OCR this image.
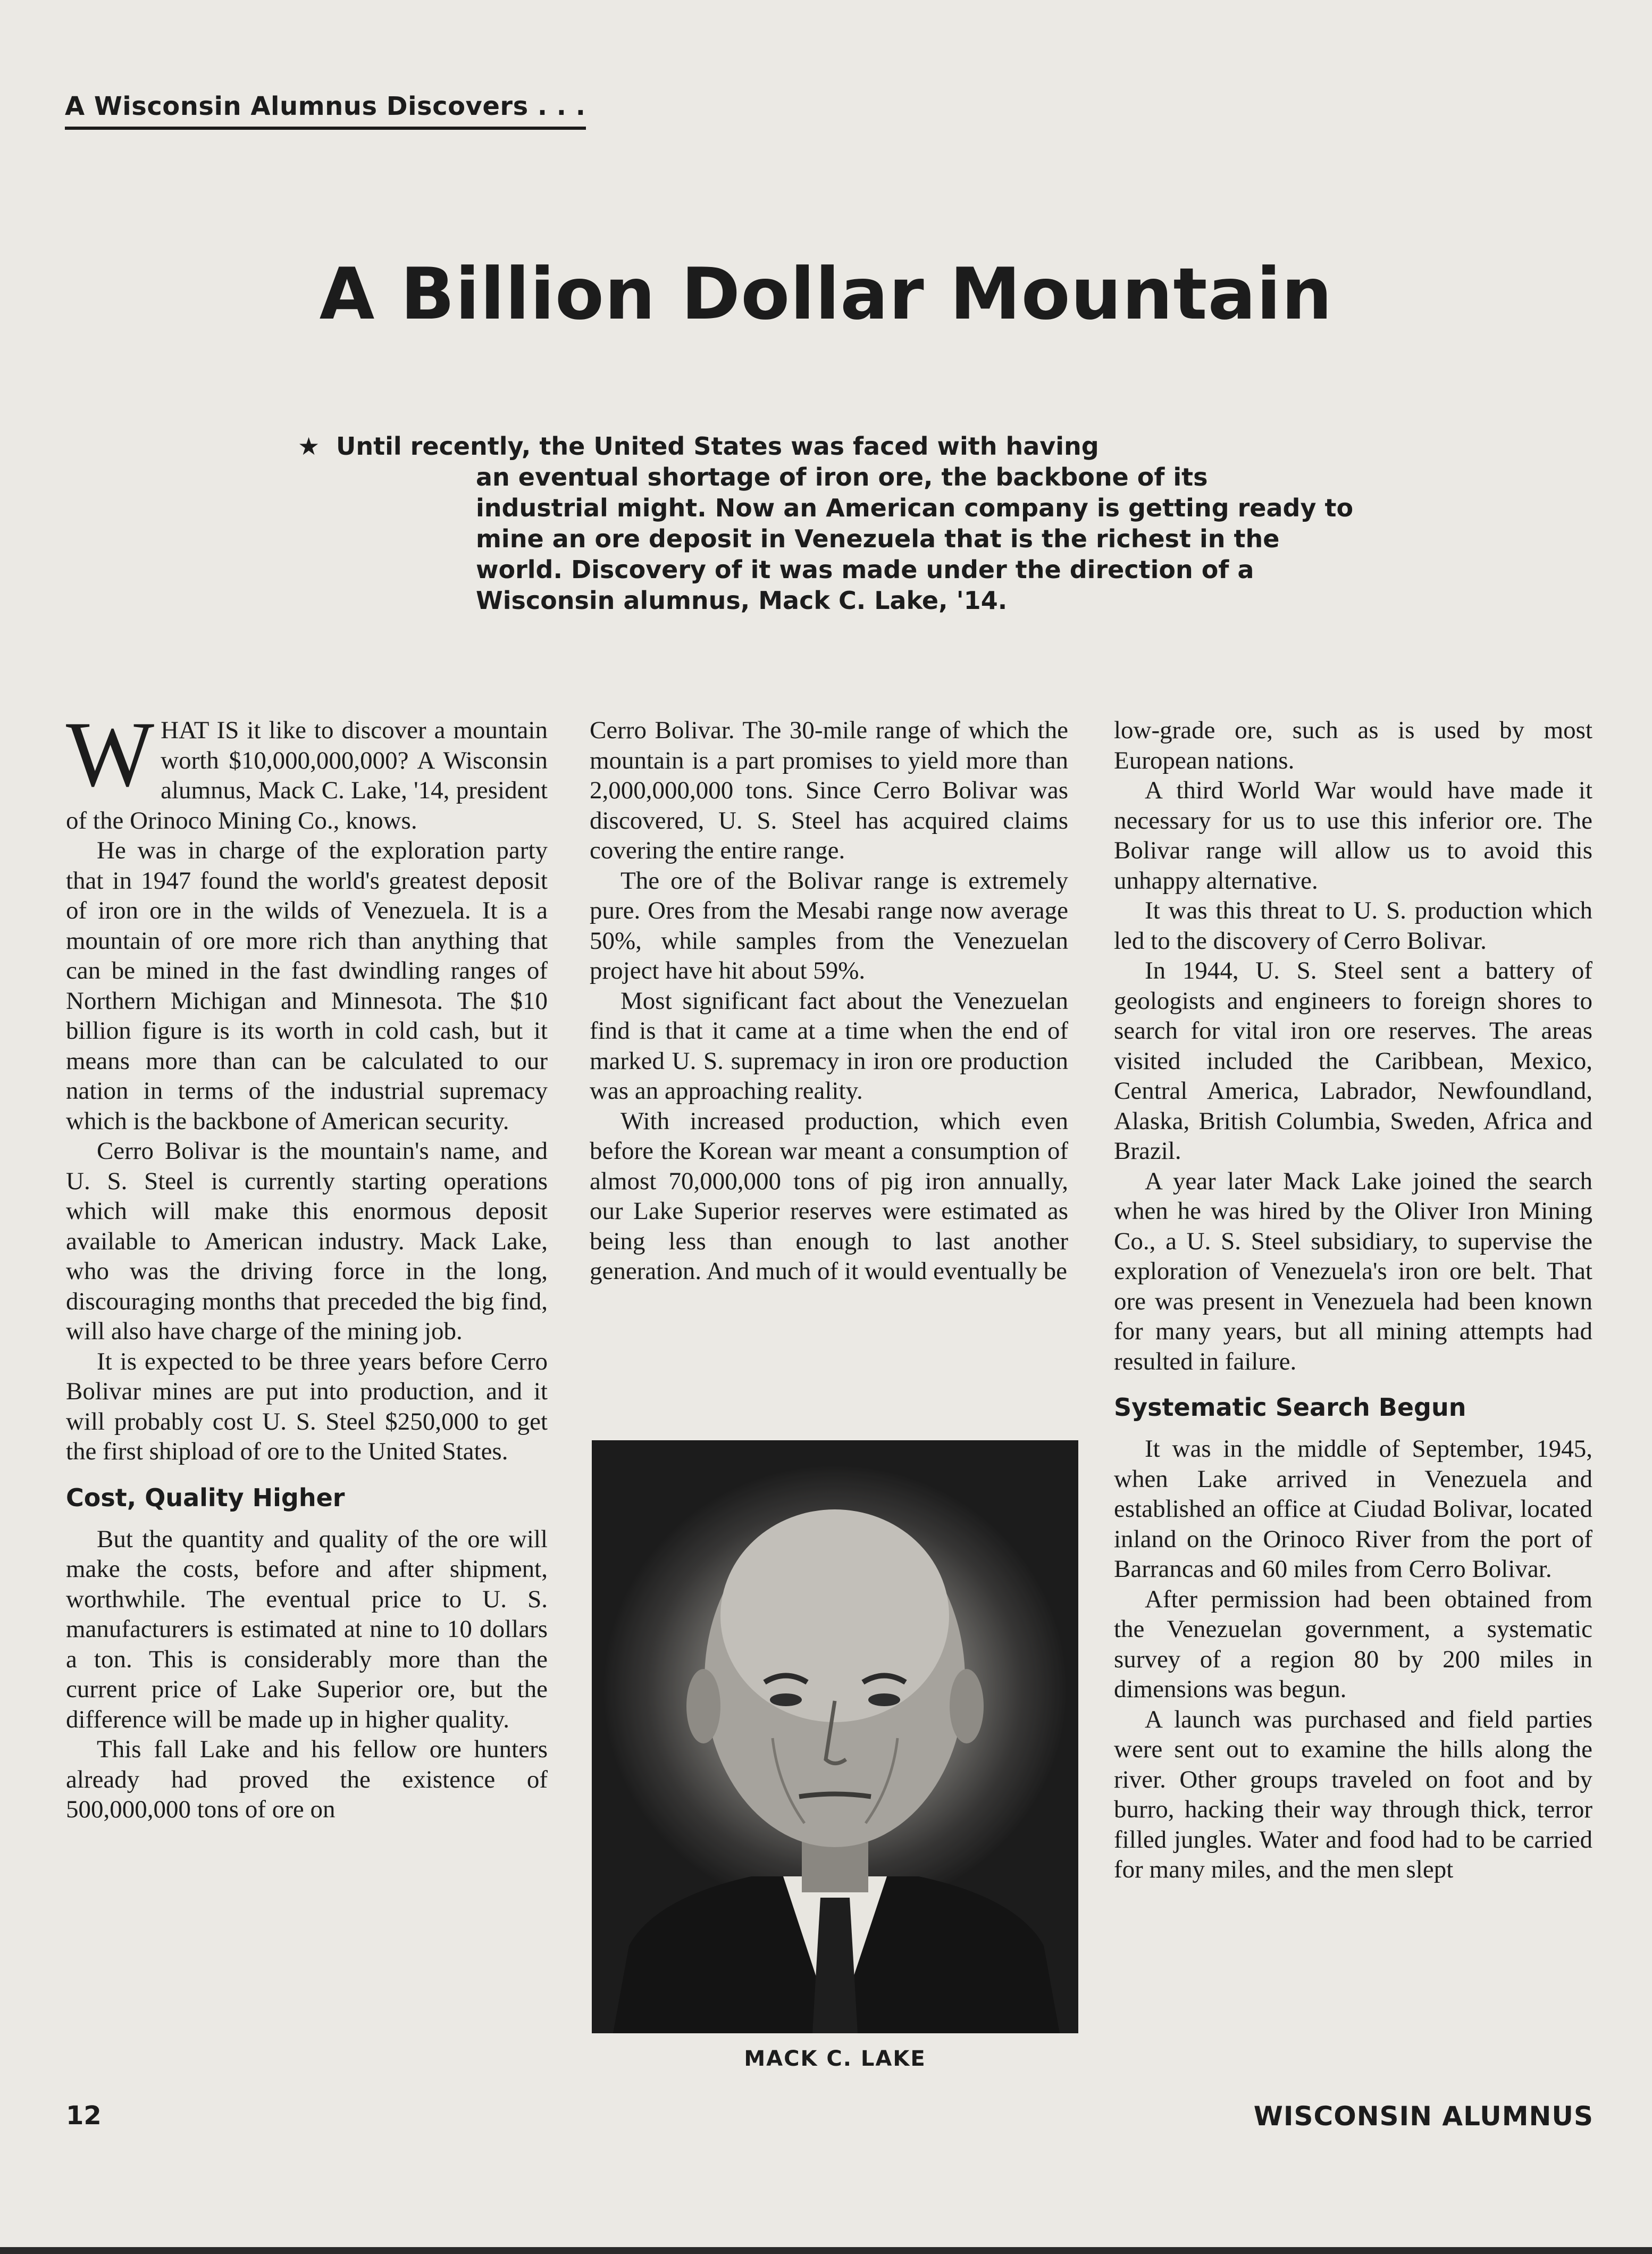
A Wisconsin Alumnus Discovers . . .
A Billion Dollar Mountain
★ Until recently, the United States was faced with having
an eventual shortage of iron ore, the backbone of its
industrial might. Now an American company is getting ready to
mine an ore deposit in Venezuela that is the richest in the
world. Discovery of it was made under the direction of a
Wisconsin alumnus, Mack C. Lake, '14.

WHAT IS it like to discover a mountain worth $10,000,000,000? A Wisconsin alumnus, Mack C. Lake, '14, president of the Orinoco Mining Co., knows.

He was in charge of the exploration party that in 1947 found the world's greatest deposit of iron ore in the wilds of Venezuela. It is a mountain of ore more rich than anything that can be mined in the fast dwindling ranges of Northern Michigan and Minnesota. The $10 billion figure is its worth in cold cash, but it means more than can be calculated to our nation in terms of the industrial supremacy which is the backbone of American security.

Cerro Bolivar is the mountain's name, and U. S. Steel is currently starting operations which will make this enormous deposit available to American industry. Mack Lake, who was the driving force in the long, discouraging months that preceded the big find, will also have charge of the mining job.

It is expected to be three years before Cerro Bolivar mines are put into production, and it will probably cost U. S. Steel $250,000 to get the first shipload of ore to the United States.

Cost, Quality Higher

But the quantity and quality of the ore will make the costs, before and after shipment, worthwhile. The eventual price to U. S. manufacturers is estimated at nine to 10 dollars a ton. This is considerably more than the current price of Lake Superior ore, but the difference will be made up in higher quality.

This fall Lake and his fellow ore hunters already had proved the existence of 500,000,000 tons of ore on

Cerro Bolivar. The 30-mile range of which the mountain is a part promises to yield more than 2,000,000,000 tons. Since Cerro Bolivar was discovered, U. S. Steel has acquired claims covering the entire range.

The ore of the Bolivar range is extremely pure. Ores from the Mesabi range now average 50%, while samples from the Venezuelan project have hit about 59%.

Most significant fact about the Venezuelan find is that it came at a time when the end of marked U. S. supremacy in iron ore production was an approaching reality.

With increased production, which even before the Korean war meant a consumption of almost 70,000,000 tons of pig iron annually, our Lake Superior reserves were estimated as being less than enough to last another generation. And much of it would eventually be

MACK C. LAKE

low-grade ore, such as is used by most European nations.

A third World War would have made it necessary for us to use this inferior ore. The Bolivar range will allow us to avoid this unhappy alternative.

It was this threat to U. S. production which led to the discovery of Cerro Bolivar.

In 1944, U. S. Steel sent a battery of geologists and engineers to foreign shores to search for vital iron ore reserves. The areas visited included the Caribbean, Mexico, Central America, Labrador, Newfoundland, Alaska, British Columbia, Sweden, Africa and Brazil.

A year later Mack Lake joined the search when he was hired by the Oliver Iron Mining Co., a U. S. Steel subsidiary, to supervise the exploration of Venezuela's iron ore belt. That ore was present in Venezuela had been known for many years, but all mining attempts had resulted in failure.

Systematic Search Begun

It was in the middle of September, 1945, when Lake arrived in Venezuela and established an office at Ciudad Bolivar, located inland on the Orinoco River from the port of Barrancas and 60 miles from Cerro Bolivar.

After permission had been obtained from the Venezuelan government, a systematic survey of a region 80 by 200 miles in dimensions was begun.

A launch was purchased and field parties were sent out to examine the hills along the river. Other groups traveled on foot and by burro, hacking their way through thick, terror filled jungles. Water and food had to be carried for many miles, and the men slept

12	WISCONSIN ALUMNUS
